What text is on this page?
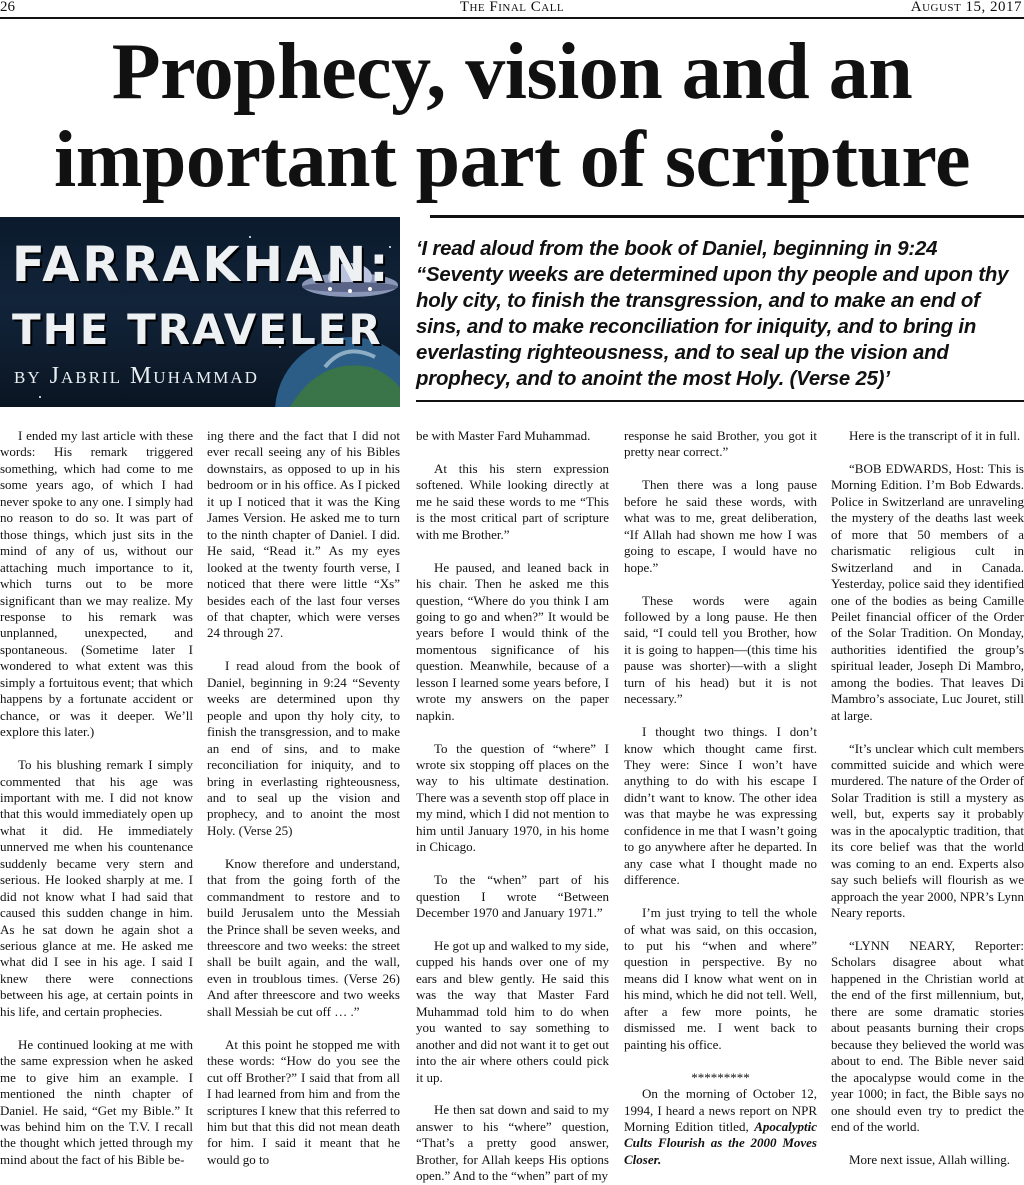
26	The Final Call	August 15, 2017
Prophecy, vision and an
important part of scripture
FARRAKHAN:
THE TRAVELER
by Jabril Muhammad
‘I read aloud from the book of Daniel, beginning in 9:24 “Seventy weeks are determined upon thy people and upon thy holy city, to finish the transgression, and to make an end of sins, and to make reconciliation for iniquity, and to bring in everlasting righteousness, and to seal up the vision and prophecy, and to anoint the most Holy. (Verse 25)’

I ended my last article with these words: His remark triggered something, which had come to me some years ago, of which I had never spoke to any one. I simply had no reason to do so. It was part of those things, which just sits in the mind of any of us, without our attaching much importance to it, which turns out to be more significant than we may realize. My response to his remark was unplanned, unexpected, and spontaneous. (Sometime later I wondered to what extent was this simply a fortuitous event; that which happens by a fortunate accident or chance, or was it deeper. We’ll explore this later.)

To his blushing remark I simply commented that his age was important with me. I did not know that this would immediately open up what it did. He immediately unnerved me when his countenance suddenly became very stern and serious. He looked sharply at me. I did not know what I had said that caused this sudden change in him. As he sat down he again shot a serious glance at me. He asked me what did I see in his age. I said I knew there were connections between his age, at certain points in his life, and certain prophecies.

He continued looking at me with the same expression when he asked me to give him an example. I mentioned the ninth chapter of Daniel. He said, “Get my Bible.” It was behind him on the T.V. I recall the thought which jetted through my mind about the fact of his Bible be-

ing there and the fact that I did not ever recall seeing any of his Bibles downstairs, as opposed to up in his bedroom or in his office. As I picked it up I noticed that it was the King James Version. He asked me to turn to the ninth chapter of Daniel. I did. He said, “Read it.” As my eyes looked at the twenty fourth verse, I noticed that there were little “Xs” besides each of the last four verses of that chapter, which were verses 24 through 27.

I read aloud from the book of Daniel, beginning in 9:24 “Seventy weeks are determined upon thy people and upon thy holy city, to finish the transgression, and to make an end of sins, and to make reconciliation for iniquity, and to bring in everlasting righteousness, and to seal up the vision and prophecy, and to anoint the most Holy. (Verse 25)

Know therefore and understand, that from the going forth of the commandment to restore and to build Jerusalem unto the Messiah the Prince shall be seven weeks, and threescore and two weeks: the street shall be built again, and the wall, even in troublous times. (Verse 26) And after threescore and two weeks shall Messiah be cut off … .”

At this point he stopped me with these words: “How do you see the cut off Brother?” I said that from all I had learned from him and from the scriptures I knew that this referred to him but that this did not mean death for him. I said it meant that he would go to

be with Master Fard Muhammad.

At this his stern expression softened. While looking directly at me he said these words to me “This is the most critical part of scripture with me Brother.”

He paused, and leaned back in his chair. Then he asked me this question, “Where do you think I am going to go and when?” It would be years before I would think of the momentous significance of his question. Meanwhile, because of a lesson I learned some years before, I wrote my answers on the paper napkin.

To the question of “where” I wrote six stopping off places on the way to his ultimate destination. There was a seventh stop off place in my mind, which I did not mention to him until January 1970, in his home in Chicago.

To the “when” part of his question I wrote “Between December 1970 and January 1971.”

He got up and walked to my side, cupped his hands over one of my ears and blew gently. He said this was the way that Master Fard Muhammad told him to do when you wanted to say something to another and did not want it to get out into the air where others could pick it up.

He then sat down and said to my answer to his “where” question, “That’s a pretty good answer, Brother, for Allah keeps His options open.” And to the “when” part of my

response he said Brother, you got it pretty near correct.”

Then there was a long pause before he said these words, with what was to me, great deliberation, “If Allah had shown me how I was going to escape, I would have no hope.”

These words were again followed by a long pause. He then said, “I could tell you Brother, how it is going to happen—(this time his pause was shorter)—with a slight turn of his head) but it is not necessary.”

I thought two things. I don’t know which thought came first. They were: Since I won’t have anything to do with his escape I didn’t want to know. The other idea was that maybe he was expressing confidence in me that I wasn’t going to go anywhere after he departed. In any case what I thought made no difference.

I’m just trying to tell the whole of what was said, on this occasion, to put his “when and where” question in perspective. By no means did I know what went on in his mind, which he did not tell. Well, after a few more points, he dismissed me. I went back to painting his office.

*********

On the morning of October 12, 1994, I heard a news report on NPR Morning Edition titled, Apocalyptic Cults Flourish as the 2000 Moves Closer.

Here is the transcript of it in full.

“BOB EDWARDS, Host: This is Morning Edition. I’m Bob Edwards. Police in Switzerland are unraveling the mystery of the deaths last week of more that 50 members of a charismatic religious cult in Switzerland and in Canada. Yesterday, police said they identified one of the bodies as being Camille Peilet financial officer of the Order of the Solar Tradition. On Monday, authorities identified the group’s spiritual leader, Joseph Di Mambro, among the bodies. That leaves Di Mambro’s associate, Luc Jouret, still at large.

“It’s unclear which cult members committed suicide and which were murdered. The nature of the Order of Solar Tradition is still a mystery as well, but, experts say it probably was in the apocalyptic tradition, that its core belief was that the world was coming to an end. Experts also say such beliefs will flourish as we approach the year 2000, NPR’s Lynn Neary reports.

“LYNN NEARY, Reporter: Scholars disagree about what happened in the Christian world at the end of the first millennium, but, there are some dramatic stories about peasants burning their crops because they believed the world was about to end. The Bible never said the apocalypse would come in the year 1000; in fact, the Bible says no one should even try to predict the end of the world.

More next issue, Allah willing.
